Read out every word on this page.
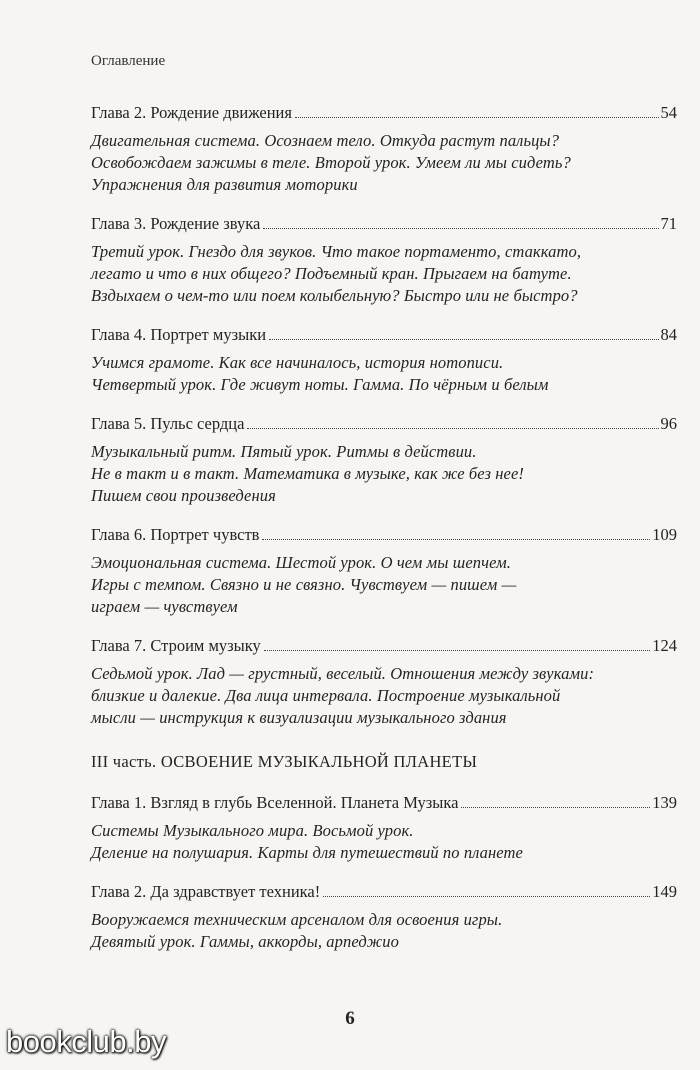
Оглавление
Глава 2. Рождение движения	54
Двигательная система. Осознаем тело. Откуда растут пальцы?
Освобождаем зажимы в теле. Второй урок. Умеем ли мы сидеть?
Упражнения для развития моторики
Глава 3. Рождение звука	71
Третий урок. Гнездо для звуков. Что такое портаменто, стаккато,
легато и что в них общего? Подъемный кран. Прыгаем на батуте.
Вздыхаем о чем-то или поем колыбельную? Быстро или не быстро?
Глава 4. Портрет музыки	84
Учимся грамоте. Как все начиналось, история нотописи.
Четвертый урок. Где живут ноты. Гамма. По чёрным и белым
Глава 5. Пульс сердца	96
Музыкальный ритм. Пятый урок. Ритмы в действии.
Не в такт и в такт. Математика в музыке, как же без нее!
Пишем свои произведения
Глава 6. Портрет чувств	109
Эмоциональная система. Шестой урок. О чем мы шепчем.
Игры с темпом. Связно и не связно. Чувствуем — пишем —
играем — чувствуем
Глава 7. Строим музыку	124
Седьмой урок. Лад — грустный, веселый. Отношения между звуками:
близкие и далекие. Два лица интервала. Построение музыкальной
мысли — инструкция к визуализации музыкального здания
III часть. ОСВОЕНИЕ МУЗЫКАЛЬНОЙ ПЛАНЕТЫ
Глава 1. Взгляд в глубь Вселенной. Планета Музыка	139
Системы Музыкального мира. Восьмой урок.
Деление на полушария. Карты для путешествий по планете
Глава 2. Да здравствует техника!	149
Вооружаемся техническим арсеналом для освоения игры.
Девятый урок. Гаммы, аккорды, арпеджио
6
bookclub.by
